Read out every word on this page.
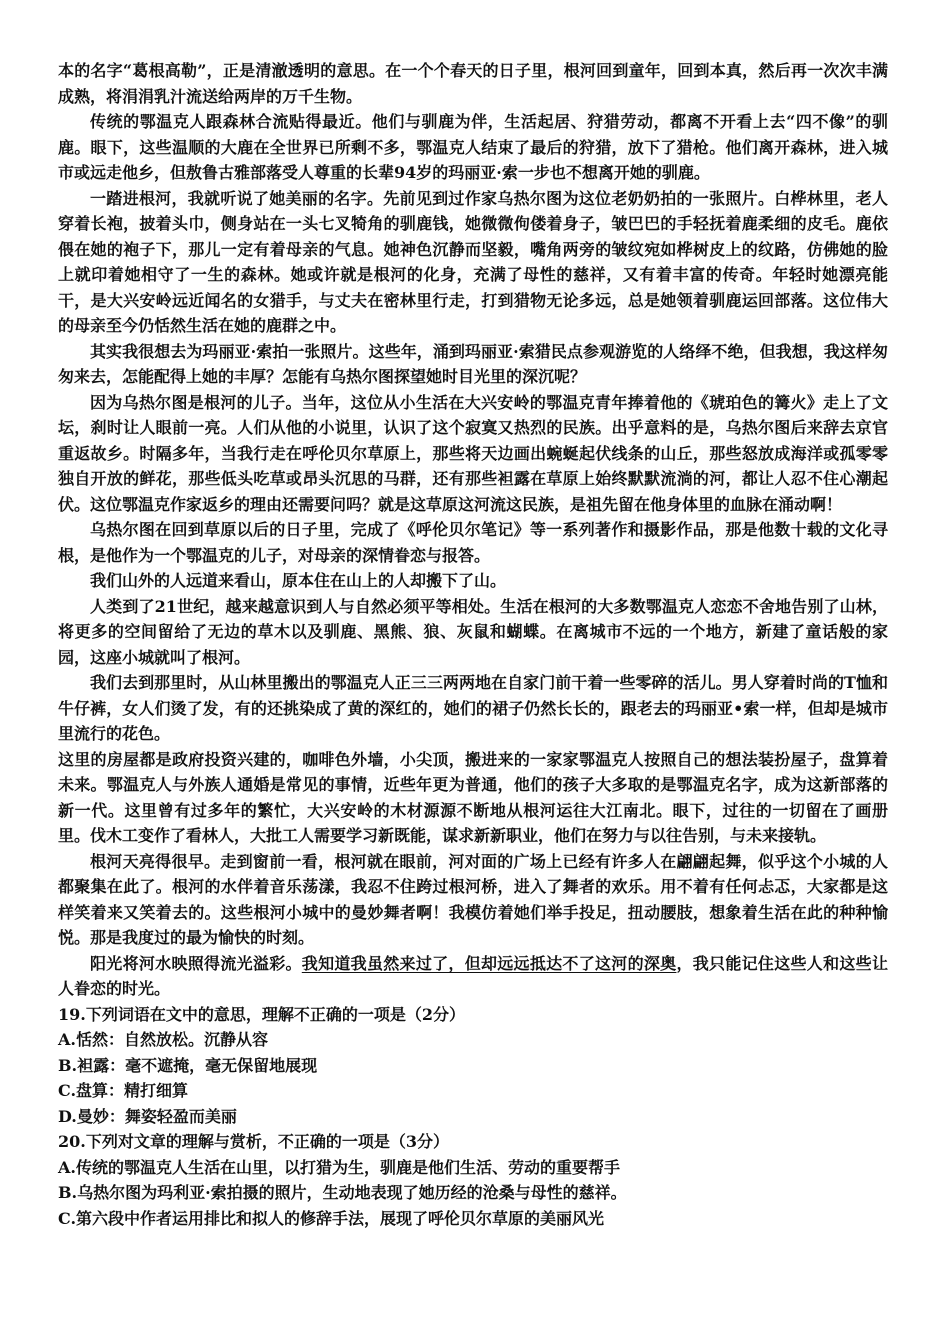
本的名字“葛根高勒”，正是清澈透明的意思。在一个个春天的日子里，根河回到童年，回到本真，然后再一次次丰满成熟，将涓涓乳汁流送给两岸的万千生物。

传统的鄂温克人跟森林合流贴得最近。他们与驯鹿为伴，生活起居、狩猎劳动，都离不开看上去“四不像”的驯鹿。眼下，这些温顺的大鹿在全世界已所剩不多，鄂温克人结束了最后的狩猎，放下了猎枪。他们离开森林，进入城市或远走他乡，但敖鲁古雅部落受人尊重的长辈94岁的玛丽亚·索一步也不想离开她的驯鹿。

一踏进根河，我就听说了她美丽的名字。先前见到过作家乌热尔图为这位老奶奶拍的一张照片。白桦林里，老人穿着长袍，披着头巾，侧身站在一头七叉犄角的驯鹿钱，她微微佝偻着身子，皱巴巴的手轻抚着鹿柔细的皮毛。鹿依偎在她的袍子下，那儿一定有着母亲的气息。她神色沉静而坚毅，嘴角两旁的皱纹宛如桦树皮上的纹路，仿佛她的脸上就印着她相守了一生的森林。她或许就是根河的化身，充满了母性的慈祥，又有着丰富的传奇。年轻时她漂亮能干，是大兴安岭远近闻名的女猎手，与丈夫在密林里行走，打到猎物无论多远，总是她领着驯鹿运回部落。这位伟大的母亲至今仍恬然生活在她的鹿群之中。

其实我很想去为玛丽亚·索拍一张照片。这些年，涌到玛丽亚·索猎民点参观游览的人络绎不绝，但我想，我这样匆匆来去，怎能配得上她的丰厚？怎能有乌热尔图探望她时目光里的深沉呢？

因为乌热尔图是根河的儿子。当年，这位从小生活在大兴安岭的鄂温克青年捧着他的《琥珀色的篝火》走上了文坛，刹时让人眼前一亮。人们从他的小说里，认识了这个寂寞又热烈的民族。出乎意料的是，乌热尔图后来辞去京官重返故乡。时隔多年，当我行走在呼伦贝尔草原上，那些将天边画出蜿蜒起伏线条的山丘，那些怒放成海洋或孤零零独自开放的鲜花，那些低头吃草或昂头沉思的马群，还有那些袒露在草原上始终默默流淌的河，都让人忍不住心潮起伏。这位鄂温克作家返乡的理由还需要问吗？就是这草原这河流这民族，是祖先留在他身体里的血脉在涌动啊！

乌热尔图在回到草原以后的日子里，完成了《呼伦贝尔笔记》等一系列著作和摄影作品，那是他数十载的文化寻根，是他作为一个鄂温克的儿子，对母亲的深情眷恋与报答。

我们山外的人远道来看山，原本住在山上的人却搬下了山。

人类到了21世纪，越来越意识到人与自然必须平等相处。生活在根河的大多数鄂温克人恋恋不舍地告别了山林，将更多的空间留给了无边的草木以及驯鹿、黑熊、狼、灰鼠和蝴蝶。在离城市不远的一个地方，新建了童话般的家园，这座小城就叫了根河。

我们去到那里时，从山林里搬出的鄂温克人正三三两两地在自家门前干着一些零碎的活儿。男人穿着时尚的T恤和牛仔裤，女人们烫了发，有的还挑染成了黄的深红的，她们的裙子仍然长长的，跟老去的玛丽亚•索一样，但却是城市里流行的花色。

这里的房屋都是政府投资兴建的，咖啡色外墙，小尖顶，搬进来的一家家鄂温克人按照自己的想法装扮屋子，盘算着未来。鄂温克人与外族人通婚是常见的事情，近些年更为普通，他们的孩子大多取的是鄂温克名字，成为这新部落的新一代。这里曾有过多年的繁忙，大兴安岭的木材源源不断地从根河运往大江南北。眼下，过往的一切留在了画册里。伐木工变作了看林人，大批工人需要学习新既能，谋求新新职业，他们在努力与以往告别，与未来接轨。

根河天亮得很早。走到窗前一看，根河就在眼前，河对面的广场上已经有许多人在翩翩起舞，似乎这个小城的人都聚集在此了。根河的水伴着音乐荡漾，我忍不住跨过根河桥，进入了舞者的欢乐。用不着有任何忐忑，大家都是这样笑着来又笑着去的。这些根河小城中的曼妙舞者啊！我模仿着她们举手投足，扭动腰肢，想象着生活在此的种种愉悦。那是我度过的最为愉快的时刻。

阳光将河水映照得流光溢彩。我知道我虽然来过了，但却远远抵达不了这河的深奥，我只能记住这些人和这些让人眷恋的时光。

19.下列词语在文中的意思，理解不正确的一项是（2分）

A.恬然：自然放松。沉静从容

B.袒露：毫不遮掩，毫无保留地展现

C.盘算：精打细算

D.曼妙：舞姿轻盈而美丽

20.下列对文章的理解与赏析，不正确的一项是（3分）

A.传统的鄂温克人生活在山里，以打猎为生，驯鹿是他们生活、劳动的重要帮手

B.乌热尔图为玛利亚·索拍摄的照片，生动地表现了她历经的沧桑与母性的慈祥。

C.第六段中作者运用排比和拟人的修辞手法，展现了呼伦贝尔草原的美丽风光
